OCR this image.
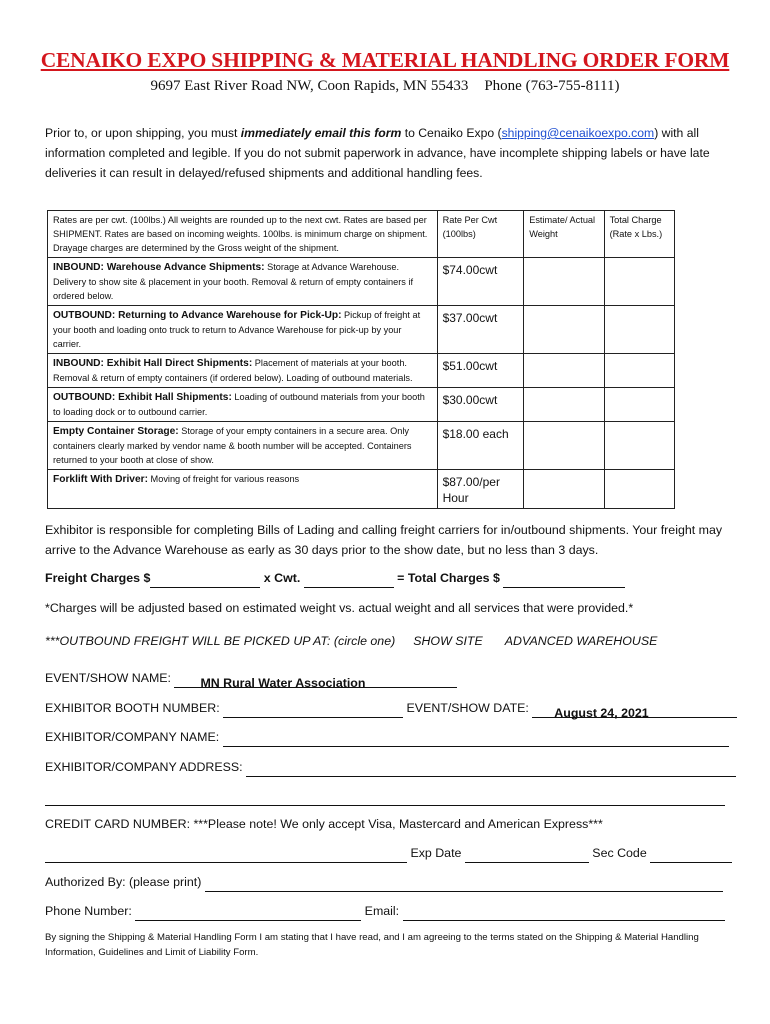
CENAIKO EXPO SHIPPING & MATERIAL HANDLING ORDER FORM
9697 East River Road NW, Coon Rapids, MN 55433 Phone (763-755-8111)
Prior to, or upon shipping, you must immediately email this form to Cenaiko Expo (shipping@cenaikoexpo.com) with all information completed and legible. If you do not submit paperwork in advance, have incomplete shipping labels or have late deliveries it can result in delayed/refused shipments and additional handling fees.
Rates are per cwt. (100lbs.) All weights are rounded up to the next cwt. Rates are based per SHIPMENT. Rates are based on incoming weights. 100lbs. is minimum charge on shipment. Drayage charges are determined by the Gross weight of the shipment.	Rate Per Cwt (100lbs)	Estimate/ Actual Weight	Total Charge (Rate x Lbs.)
INBOUND: Warehouse Advance Shipments: Storage at Advance Warehouse. Delivery to show site & placement in your booth. Removal & return of empty containers if ordered below.	$74.00cwt		
OUTBOUND: Returning to Advance Warehouse for Pick-Up: Pickup of freight at your booth and loading onto truck to return to Advance Warehouse for pick-up by your carrier.	$37.00cwt		
INBOUND: Exhibit Hall Direct Shipments: Placement of materials at your booth. Removal & return of empty containers (if ordered below). Loading of outbound materials.	$51.00cwt		
OUTBOUND: Exhibit Hall Shipments: Loading of outbound materials from your booth to loading dock or to outbound carrier.	$30.00cwt		
Empty Container Storage: Storage of your empty containers in a secure area. Only containers clearly marked by vendor name & booth number will be accepted. Containers returned to your booth at close of show.	$18.00 each		
Forklift With Driver: Moving of freight for various reasons	$87.00/per Hour		
Exhibitor is responsible for completing Bills of Lading and calling freight carriers for in/outbound shipments. Your freight may arrive to the Advance Warehouse as early as 30 days prior to the show date, but no less than 3 days.
Freight Charges $	x Cwt.	= Total Charges $
*Charges will be adjusted based on estimated weight vs. actual weight and all services that were provided.*
***OUTBOUND FREIGHT WILL BE PICKED UP AT: (circle one) SHOW SITE ADVANCED WAREHOUSE
EVENT/SHOW NAME: MN Rural Water Association
EXHIBITOR BOOTH NUMBER:	EVENT/SHOW DATE: August 24, 2021
EXHIBITOR/COMPANY NAME:
EXHIBITOR/COMPANY ADDRESS:
CREDIT CARD NUMBER: ***Please note! We only accept Visa, Mastercard and American Express***
Exp Date	Sec Code
Authorized By: (please print)
Phone Number:	Email:
By signing the Shipping & Material Handling Form I am stating that I have read, and I am agreeing to the terms stated on the Shipping & Material Handling Information, Guidelines and Limit of Liability Form.
